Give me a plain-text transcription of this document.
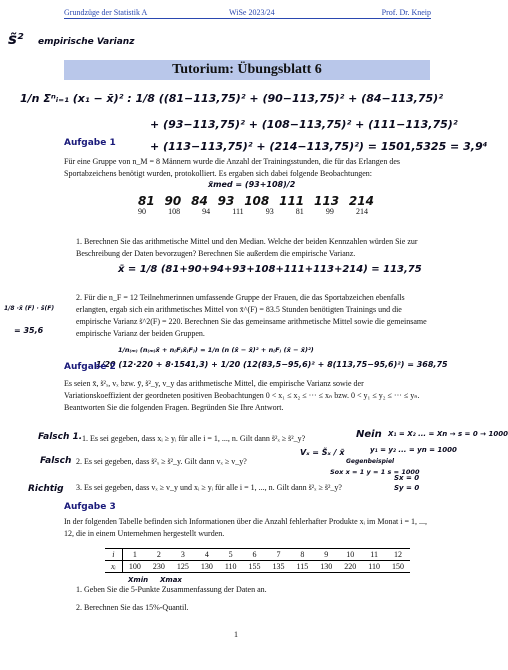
Grundzüge der Statistik A	WiSe 2023/24	Prof. Dr. Kneip
s̃² empirische Varianz
Tutorium: Übungsblatt 6
1/n Σⁿᵢ₌₁ (x₁ − x̄)² : 1/8 ((81−113,75)² + (90−113,75)² + (84−113,75)²
+ (93−113,75)² + (108−113,75)² + (111−113,75)²
+ (113−113,75)² + (214−113,75)²) = 1501,5325 = 3,9⁴
Aufgabe 1
Für eine Gruppe von n_M = 8 Männern wurde die Anzahl der Trainingsstunden, die für das Erlangen des Sportabzeichens benötigt wurden, protokolliert. Es ergaben sich dabei folgende Beobachtungen:
x̃med = (93+108)/2
81 90 84 93 108 111 113 214
90	108	94	111	93	81	99	214
1. Berechnen Sie das arithmetische Mittel und den Median. Welche der beiden Kennzahlen würden Sie zur Beschreibung der Daten bevorzugen? Berechnen Sie außerdem die empirische Varianz.
x̄ = 1/8 (81+90+94+93+108+111+113+214) = 113,75
1/8 ·x̄ (F) · s̃(F)
= 35,6
2. Für die n_F = 12 Teilnehmerinnen umfassende Gruppe der Frauen, die das Sportabzeichen ebenfalls erlangten, ergab sich ein arithmetisches Mittel von x̄^(F) = 83.5 Stunden benötigten Trainings und die empirische Varianz s̃^2(F) = 220. Berechnen Sie das gemeinsame arithmetische Mittel sowie die gemeinsame empirische Varianz der beiden Gruppen.
1/n₍ₘ₎ (n₍ₘ₎x̄ + n₍F₎x̄₍F₎) = 1/n (n (x̄ − x̄)² + n₍F₎ (x̄ − x̄)²)
1/20 (12·220 + 8·1541,3) + 1/20 (12(83,5−95,6)² + 8(113,75−95,6)²) = 368,75
Aufgabe 2
Es seien x̄, s̃²ₓ, vₓ bzw. ȳ, s̃²_y, v_y das arithmetische Mittel, die empirische Varianz sowie der Variationskoeffizient der geordneten positiven Beobachtungen 0 < x₁ ≤ x₂ ≤ ··· ≤ xₙ bzw. 0 < y₁ ≤ y₂ ≤ ··· ≤ yₙ. Beantworten Sie die folgenden Fragen. Begründen Sie Ihre Antwort.
Falsch 1. 1. Es sei gegeben, dass xᵢ ≥ yᵢ für alle i = 1, ..., n. Gilt dann s̃²ₓ ≥ s̃²_y?	Nein X₁ = X₂ ... = Xn → s = 0 → 1000
Falsch 2. Es sei gegeben, dass s̃²ₓ ≥ s̃²_y. Gilt dann vₓ ≥ v_y?
Vₓ = S̃ₓ / x̄	y₁ = y₂ ... = yn = 1000
Gegenbeispiel
Sox x = 1 y = 1 s = 1000
Sx = 0
Sy = 0
Richtig 3. Es sei gegeben, dass vₓ ≥ v_y und xᵢ ≥ yᵢ für alle i = 1, ..., n. Gilt dann s̃²ₓ ≥ s̃²_y?
Aufgabe 3
In der folgenden Tabelle befinden sich Informationen über die Anzahl fehlerhafter Produkte xᵢ im Monat i = 1, ..., 12, die in einem Unternehmen hergestellt wurden.
i	1	2	3	4	5	6	7	8	9	10	11	12
xᵢ	100	230	125	130	110	155	135	115	130	220	110	150
Xmin Xmax
1. Geben Sie die 5-Punkte Zusammenfassung der Daten an.
2. Berechnen Sie das 15%-Quantil.
1
